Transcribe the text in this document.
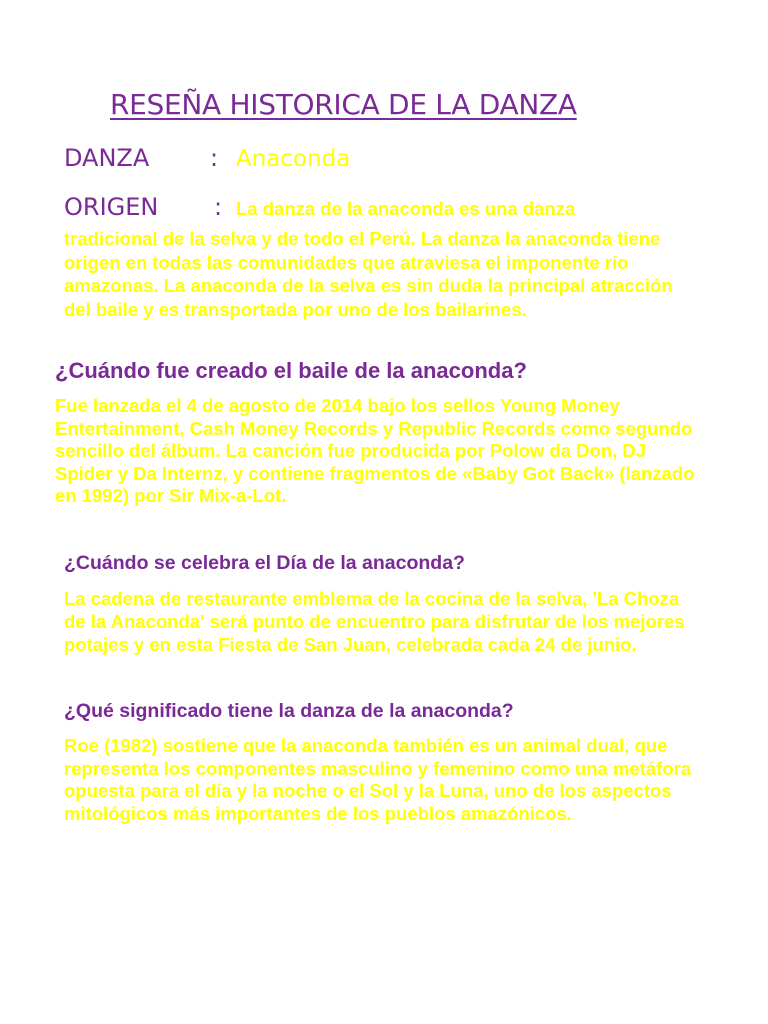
RESEÑA HISTORICA DE LA DANZA
DANZA	: Anaconda
ORIGEN : La danza de la anaconda es una danza

tradicional de la selva y de todo el Perú. La danza la anaconda tiene origen en todas las comunidades que atraviesa el imponente río amazonas. La anaconda de la selva es sin duda la principal atracción del baile y es transportada por uno de los bailarines.

¿Cuándo fue creado el baile de la anaconda?

Fue lanzada el 4 de agosto de 2014 bajo los sellos Young Money Entertainment, Cash Money Records y Republic Records como segundo sencillo del álbum. La canción fue producida por Polow da Don, DJ Spider y Da Internz, y contiene fragmentos de «Baby Got Back» (lanzado en 1992) por Sir Mix-a-Lot.

¿Cuándo se celebra el Día de la anaconda?

La cadena de restaurante emblema de la cocina de la selva, 'La Choza de la Anaconda' será punto de encuentro para disfrutar de los mejores potajes y en esta Fiesta de San Juan, celebrada cada 24 de junio.

¿Qué significado tiene la danza de la anaconda?

Roe (1982) sostiene que la anaconda también es un animal dual, que representa los componentes masculino y femenino como una metáfora opuesta para el día y la noche o el Sol y la Luna, uno de los aspectos mitológicos más importantes de los pueblos amazónicos.
